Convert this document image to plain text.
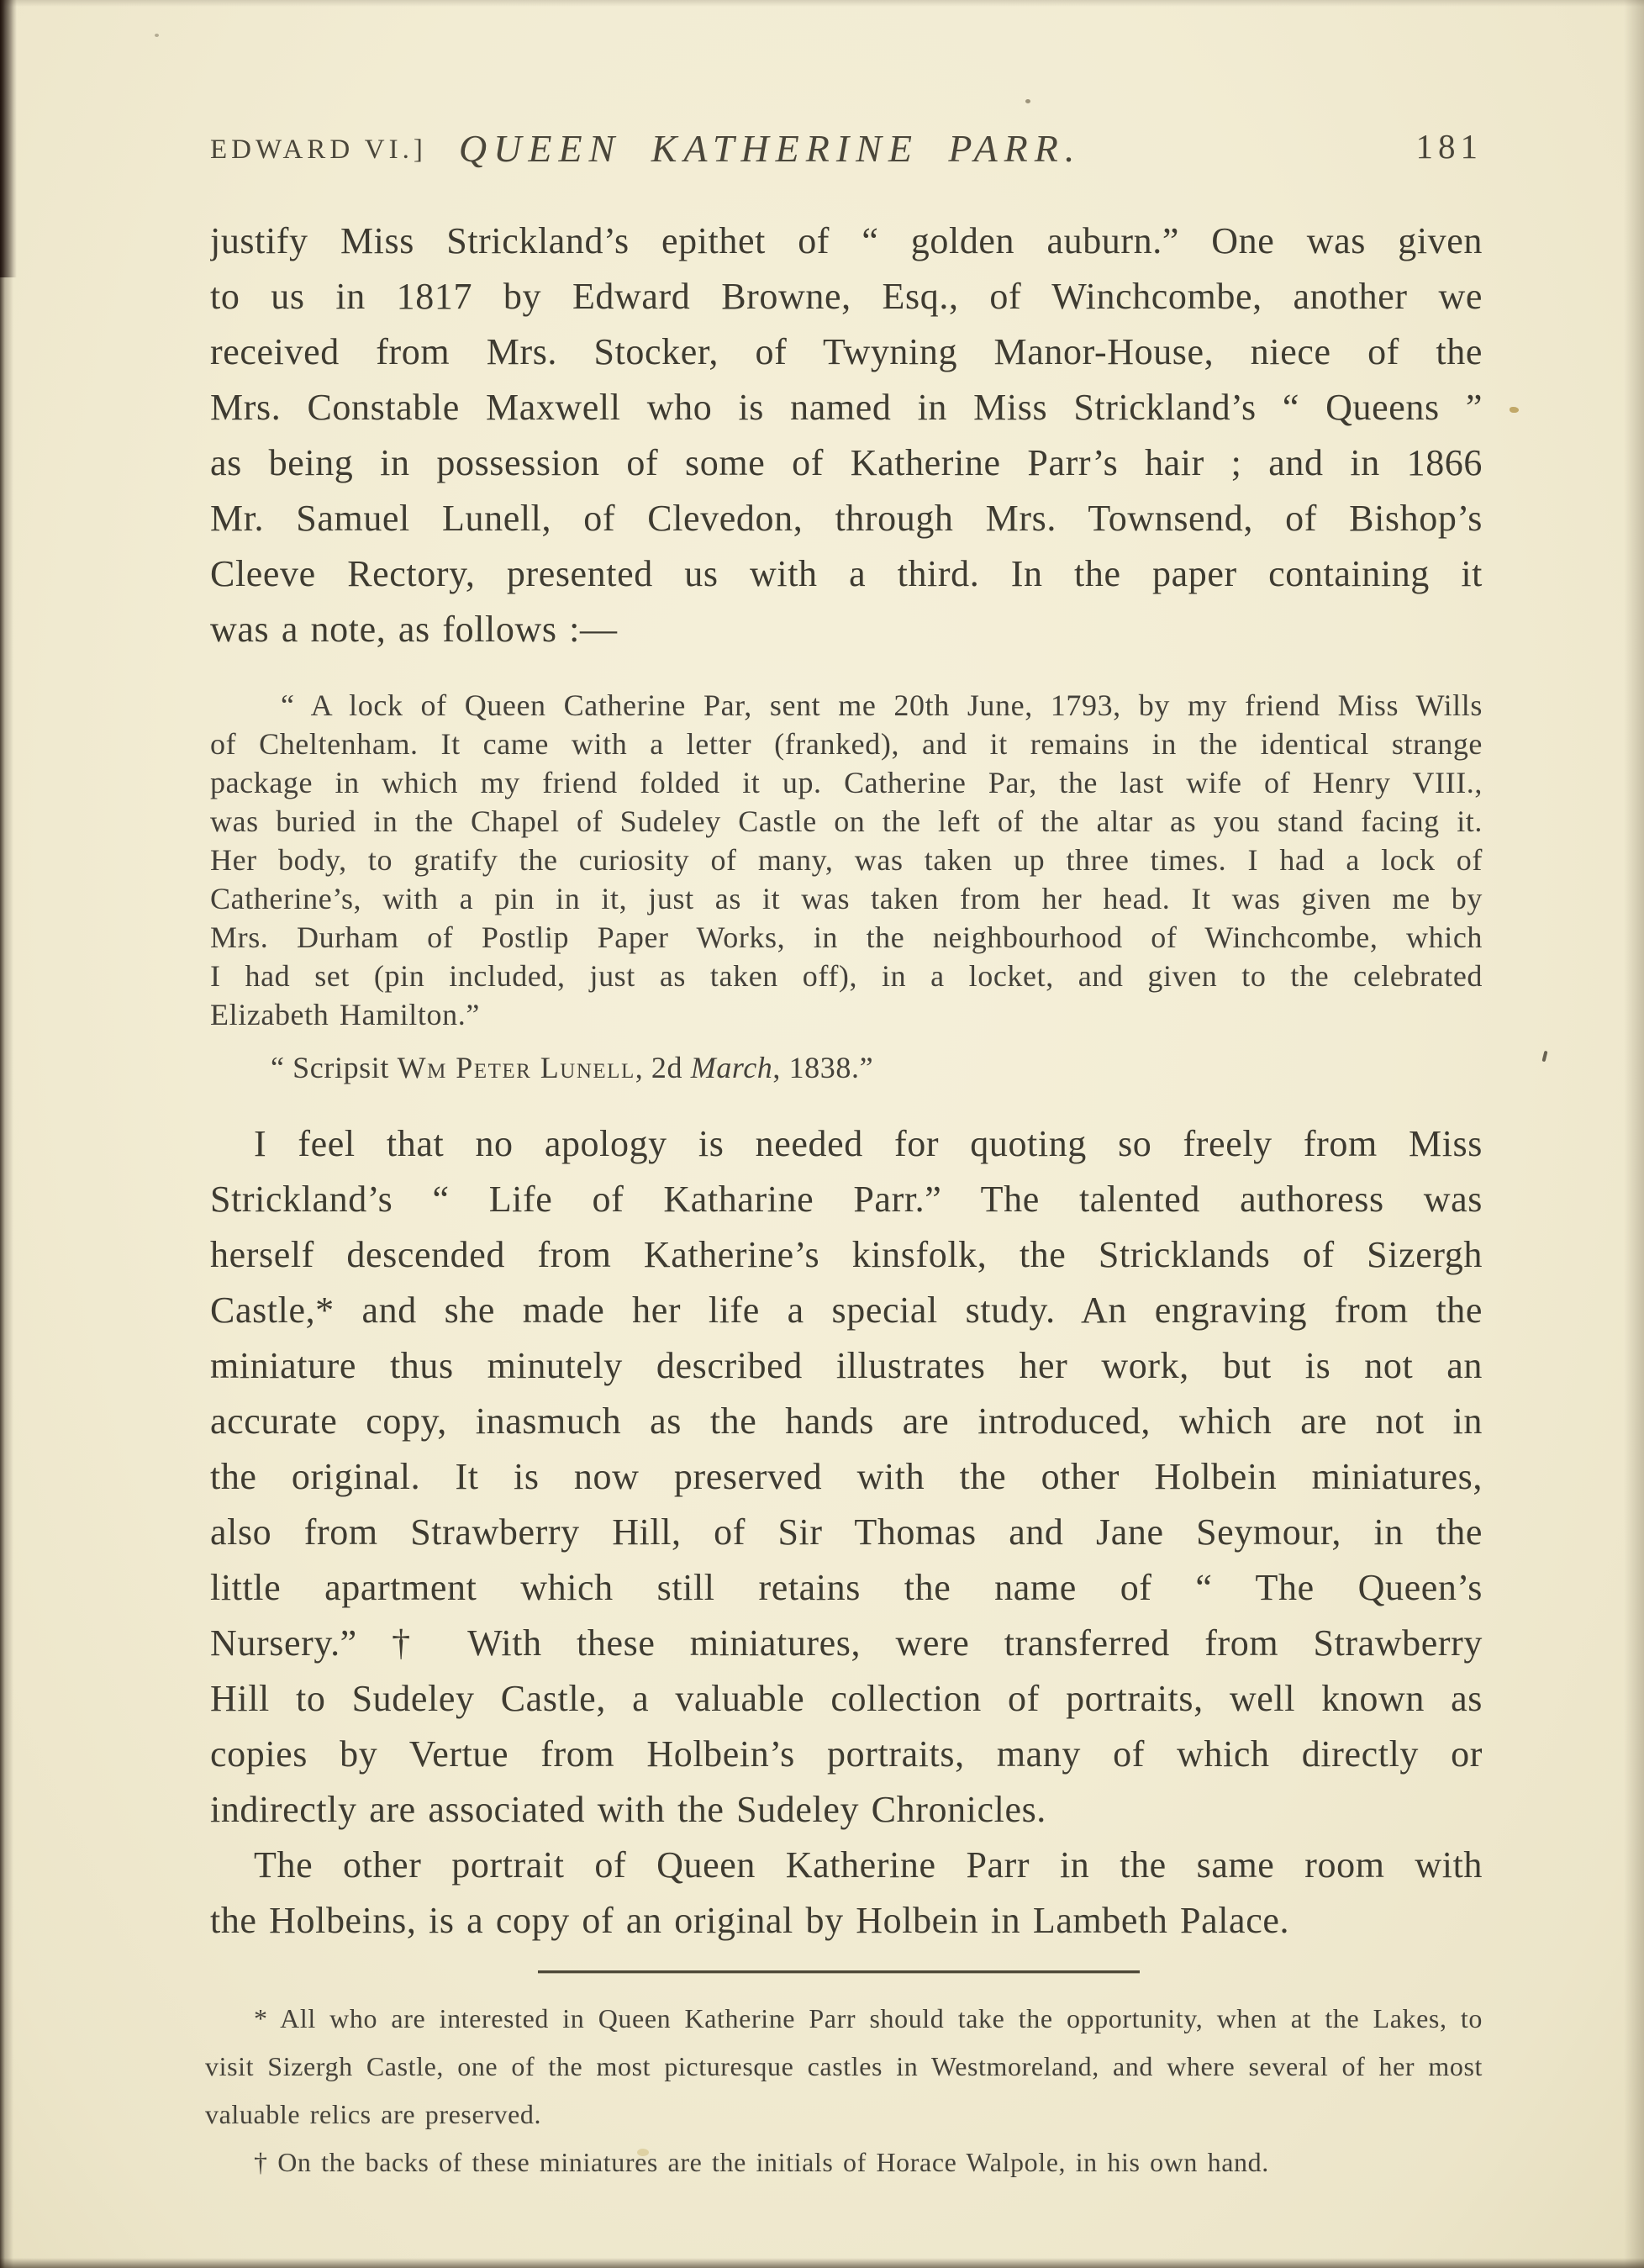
EDWARD VI.] QUEEN KATHERINE PARR.	181
justify Miss Strickland’s epithet of “ golden auburn.” One was given
to us in 1817 by Edward Browne, Esq., of Winchcombe, another we
received from Mrs. Stocker, of Twyning Manor-House, niece of the
Mrs. Constable Maxwell who is named in Miss Strickland’s “ Queens ”
as being in possession of some of Katherine Parr’s hair ; and in 1866
Mr. Samuel Lunell, of Clevedon, through Mrs. Townsend, of Bishop’s
Cleeve Rectory, presented us with a third. In the paper containing it
was a note, as follows :—
“ A lock of Queen Catherine Par, sent me 20th June, 1793, by my friend Miss Wills
of Cheltenham. It came with a letter (franked), and it remains in the identical strange
package in which my friend folded it up. Catherine Par, the last wife of Henry VIII.,
was buried in the Chapel of Sudeley Castle on the left of the altar as you stand facing it.
Her body, to gratify the curiosity of many, was taken up three times. I had a lock of
Catherine’s, with a pin in it, just as it was taken from her head. It was given me by
Mrs. Durham of Postlip Paper Works, in the neighbourhood of Winchcombe, which
I had set (pin included, just as taken off), in a locket, and given to the celebrated
Elizabeth Hamilton.”
“ Scripsit Wm Peter Lunell, 2d March, 1838.”
I feel that no apology is needed for quoting so freely from Miss
Strickland’s “ Life of Katharine Parr.” The talented authoress was
herself descended from Katherine’s kinsfolk, the Stricklands of Sizergh
Castle,* and she made her life a special study. An engraving from the
miniature thus minutely described illustrates her work, but is not an
accurate copy, inasmuch as the hands are introduced, which are not in
the original. It is now preserved with the other Holbein miniatures,
also from Strawberry Hill, of Sir Thomas and Jane Seymour, in the
little apartment which still retains the name of “ The Queen’s
Nursery.” † With these miniatures, were transferred from Strawberry
Hill to Sudeley Castle, a valuable collection of portraits, well known as
copies by Vertue from Holbein’s portraits, many of which directly or
indirectly are associated with the Sudeley Chronicles.
The other portrait of Queen Katherine Parr in the same room with
the Holbeins, is a copy of an original by Holbein in Lambeth Palace.
* All who are interested in Queen Katherine Parr should take the opportunity, when at the Lakes, to
visit Sizergh Castle, one of the most picturesque castles in Westmoreland, and where several of her most
valuable relics are preserved.
† On the backs of these miniatures are the initials of Horace Walpole, in his own hand.
